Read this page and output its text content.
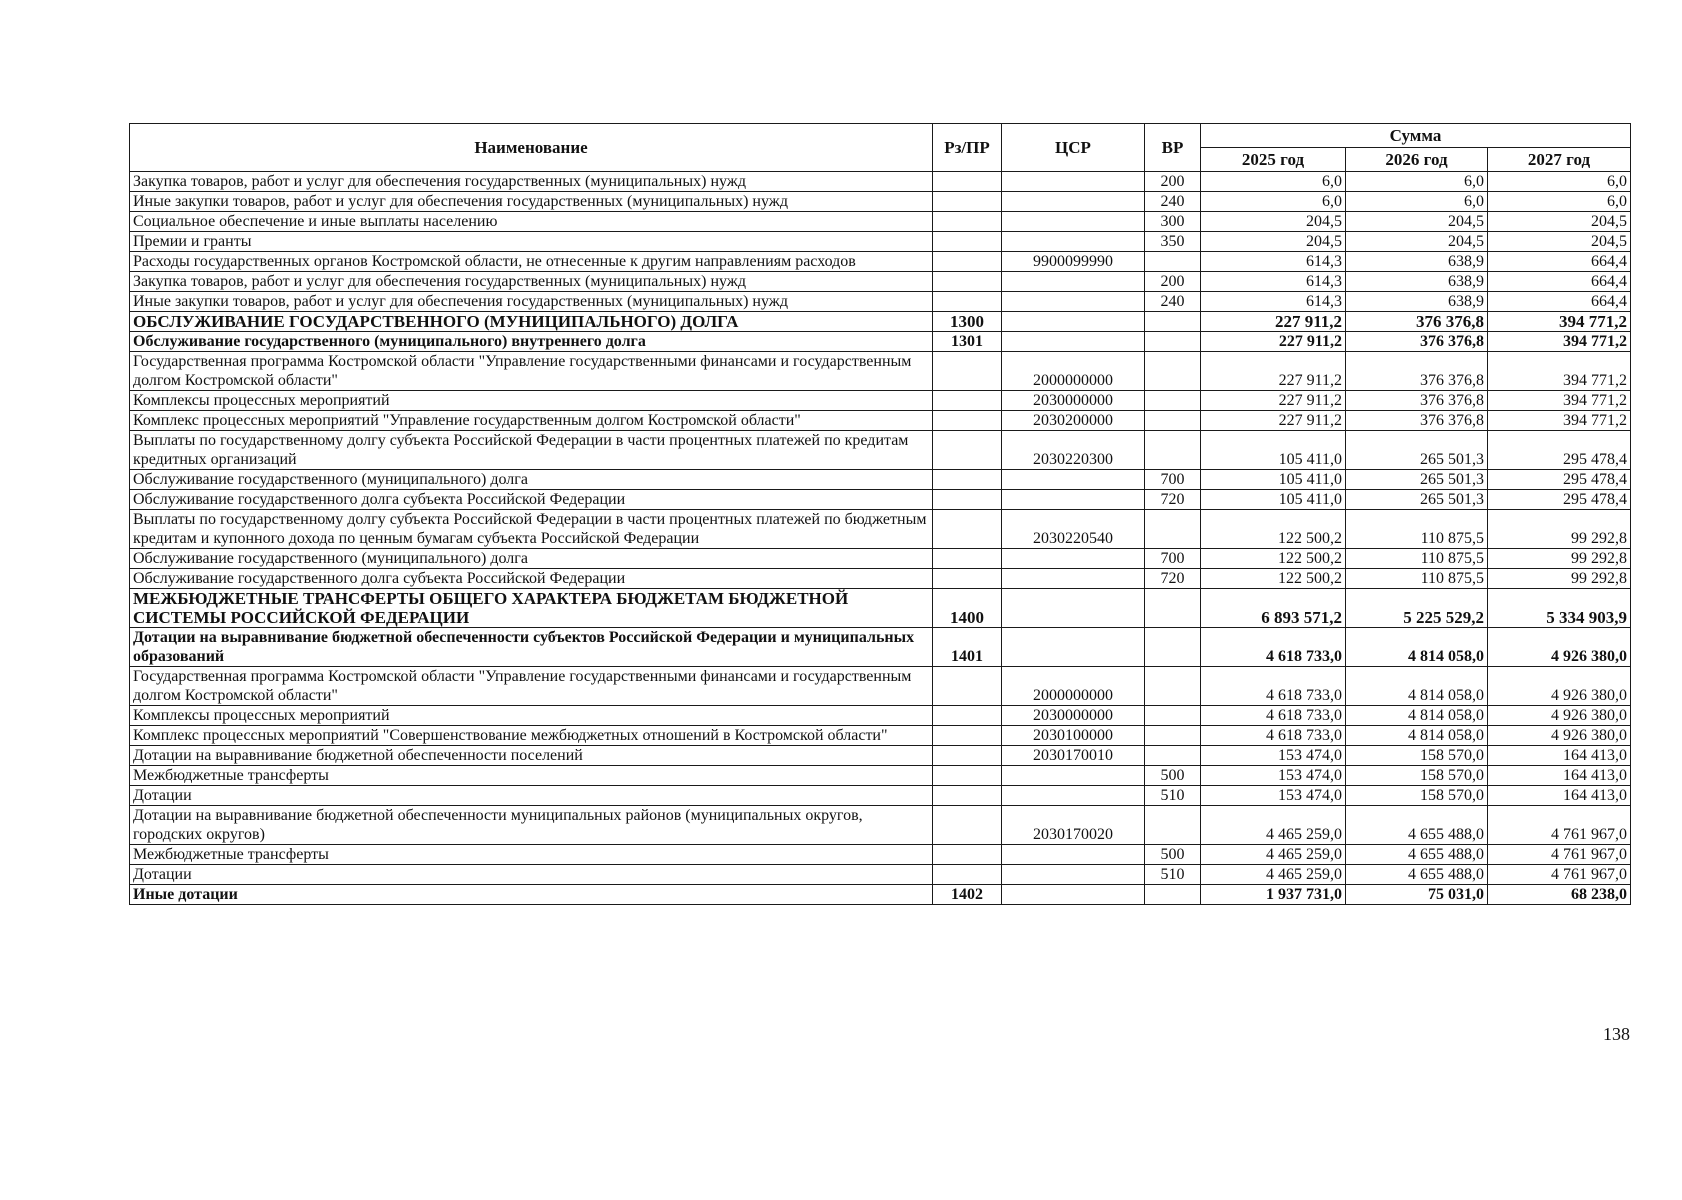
Наименование	Рз/ПР	ЦСР	ВР	Сумма		
				2025 год	2026 год	2027 год
Закупка товаров, работ и услуг для обеспечения государственных (муниципальных) нужд			200	6,0	6,0	6,0
Иные закупки товаров, работ и услуг для обеспечения государственных (муниципальных) нужд			240	6,0	6,0	6,0
Социальное обеспечение и иные выплаты населению			300	204,5	204,5	204,5
Премии и гранты			350	204,5	204,5	204,5
Расходы государственных органов Костромской области, не отнесенные к другим направлениям расходов		9900099990		614,3	638,9	664,4
Закупка товаров, работ и услуг для обеспечения государственных (муниципальных) нужд			200	614,3	638,9	664,4
Иные закупки товаров, работ и услуг для обеспечения государственных (муниципальных) нужд			240	614,3	638,9	664,4
ОБСЛУЖИВАНИЕ ГОСУДАРСТВЕННОГО (МУНИЦИПАЛЬНОГО) ДОЛГА	1300			227 911,2	376 376,8	394 771,2
Обслуживание государственного (муниципального) внутреннего долга	1301			227 911,2	376 376,8	394 771,2
Государственная программа Костромской области "Управление государственными финансами и государственным долгом Костромской области"		2000000000		227 911,2	376 376,8	394 771,2
Комплексы процессных мероприятий		2030000000		227 911,2	376 376,8	394 771,2
Комплекс процессных мероприятий "Управление государственным долгом Костромской области"		2030200000		227 911,2	376 376,8	394 771,2
Выплаты по государственному долгу субъекта Российской Федерации в части процентных платежей по кредитам кредитных организаций		2030220300		105 411,0	265 501,3	295 478,4
Обслуживание государственного (муниципального) долга			700	105 411,0	265 501,3	295 478,4
Обслуживание государственного долга субъекта Российской Федерации			720	105 411,0	265 501,3	295 478,4
Выплаты по государственному долгу субъекта Российской Федерации в части процентных платежей по бюджетным кредитам и купонного дохода по ценным бумагам субъекта Российской Федерации		2030220540		122 500,2	110 875,5	99 292,8
Обслуживание государственного (муниципального) долга			700	122 500,2	110 875,5	99 292,8
Обслуживание государственного долга субъекта Российской Федерации			720	122 500,2	110 875,5	99 292,8
МЕЖБЮДЖЕТНЫЕ ТРАНСФЕРТЫ ОБЩЕГО ХАРАКТЕРА БЮДЖЕТАМ БЮДЖЕТНОЙ СИСТЕМЫ РОССИЙСКОЙ ФЕДЕРАЦИИ	1400			6 893 571,2	5 225 529,2	5 334 903,9
Дотации на выравнивание бюджетной обеспеченности субъектов Российской Федерации и муниципальных образований	1401			4 618 733,0	4 814 058,0	4 926 380,0
Государственная программа Костромской области "Управление государственными финансами и государственным долгом Костромской области"		2000000000		4 618 733,0	4 814 058,0	4 926 380,0
Комплексы процессных мероприятий		2030000000		4 618 733,0	4 814 058,0	4 926 380,0
Комплекс процессных мероприятий "Совершенствование межбюджетных отношений в Костромской области"		2030100000		4 618 733,0	4 814 058,0	4 926 380,0
Дотации на выравнивание бюджетной обеспеченности поселений		2030170010		153 474,0	158 570,0	164 413,0
Межбюджетные трансферты			500	153 474,0	158 570,0	164 413,0
Дотации			510	153 474,0	158 570,0	164 413,0
Дотации на выравнивание бюджетной обеспеченности муниципальных районов (муниципальных округов, городских округов)		2030170020		4 465 259,0	4 655 488,0	4 761 967,0
Межбюджетные трансферты			500	4 465 259,0	4 655 488,0	4 761 967,0
Дотации			510	4 465 259,0	4 655 488,0	4 761 967,0
Иные дотации	1402			1 937 731,0	75 031,0	68 238,0
138
